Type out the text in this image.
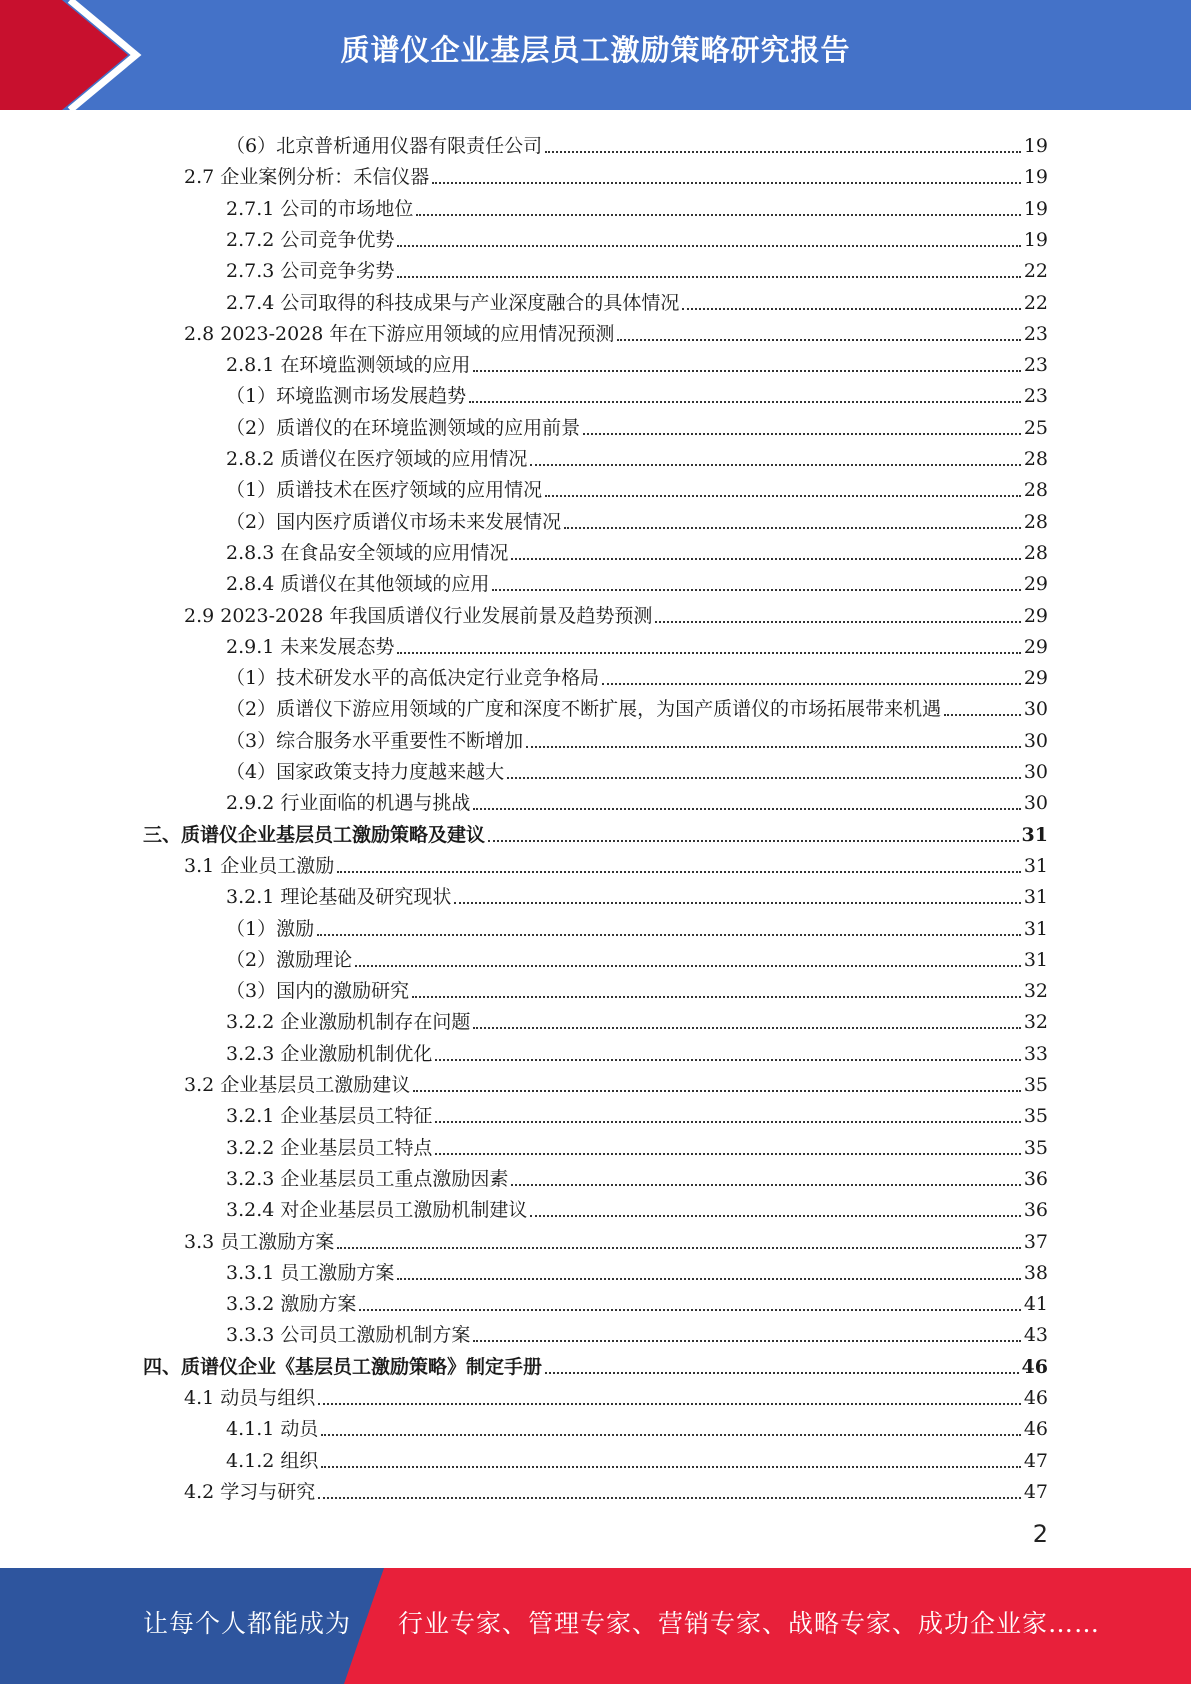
质谱仪企业基层员工激励策略研究报告
（6）北京普析通用仪器有限责任公司	19
2.7 企业案例分析：禾信仪器	19
2.7.1 公司的市场地位	19
2.7.2 公司竞争优势	19
2.7.3 公司竞争劣势	22
2.7.4 公司取得的科技成果与产业深度融合的具体情况	22
2.8 2023-2028 年在下游应用领域的应用情况预测	23
2.8.1 在环境监测领域的应用	23
（1）环境监测市场发展趋势	23
（2）质谱仪的在环境监测领域的应用前景	25
2.8.2 质谱仪在医疗领域的应用情况	28
（1）质谱技术在医疗领域的应用情况	28
（2）国内医疗质谱仪市场未来发展情况	28
2.8.3 在食品安全领域的应用情况	28
2.8.4 质谱仪在其他领域的应用	29
2.9 2023-2028 年我国质谱仪行业发展前景及趋势预测	29
2.9.1 未来发展态势	29
（1）技术研发水平的高低决定行业竞争格局	29
（2）质谱仪下游应用领域的广度和深度不断扩展，为国产质谱仪的市场拓展带来机遇	30
（3）综合服务水平重要性不断增加	30
（4）国家政策支持力度越来越大	30
2.9.2 行业面临的机遇与挑战	30
三、质谱仪企业基层员工激励策略及建议	31
3.1 企业员工激励	31
3.2.1 理论基础及研究现状	31
（1）激励	31
（2）激励理论	31
（3）国内的激励研究	32
3.2.2 企业激励机制存在问题	32
3.2.3 企业激励机制优化	33
3.2 企业基层员工激励建议	35
3.2.1 企业基层员工特征	35
3.2.2 企业基层员工特点	35
3.2.3 企业基层员工重点激励因素	36
3.2.4 对企业基层员工激励机制建议	36
3.3 员工激励方案	37
3.3.1 员工激励方案	38
3.3.2 激励方案	41
3.3.3 公司员工激励机制方案	43
四、质谱仪企业《基层员工激励策略》制定手册	46
4.1 动员与组织	46
4.1.1 动员	46
4.1.2 组织	47
4.2 学习与研究	47
2
让每个人都能成为 行业专家、管理专家、营销专家、战略专家、成功企业家……
